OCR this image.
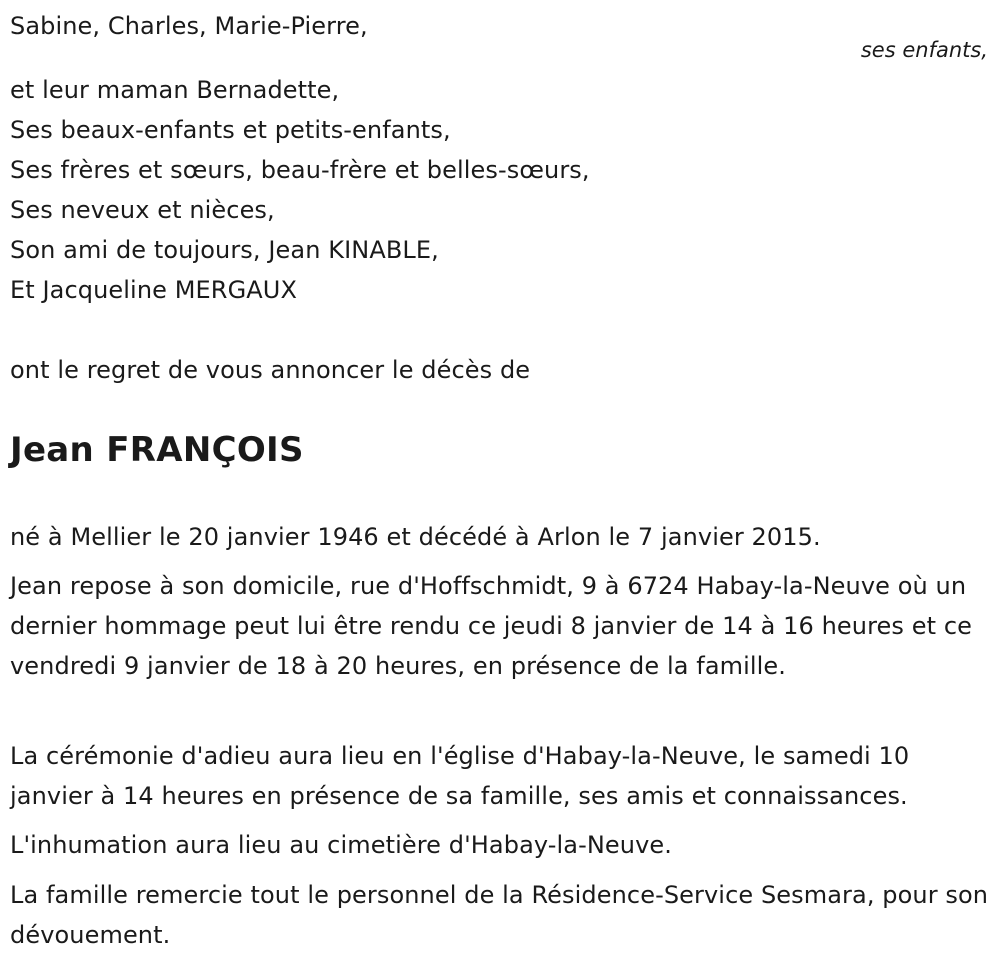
Sabine, Charles, Marie-Pierre,
ses enfants,
et leur maman Bernadette,
Ses beaux-enfants et petits-enfants,
Ses frères et sœurs, beau-frère et belles-sœurs,
Ses neveux et nièces,
Son ami de toujours, Jean KINABLE,
Et Jacqueline MERGAUX
ont le regret de vous annoncer le décès de
Jean FRANÇOIS
né à Mellier le 20 janvier 1946 et décédé à Arlon le 7 janvier 2015.
Jean repose à son domicile, rue d'Hoffschmidt, 9 à 6724 Habay-la-Neuve où un dernier hommage peut lui être rendu ce jeudi 8 janvier de 14 à 16 heures et ce vendredi 9 janvier de 18 à 20 heures, en présence de la famille.
La cérémonie d'adieu aura lieu en l'église d'Habay-la-Neuve, le samedi 10 janvier à 14 heures en présence de sa famille, ses amis et connaissances.
L'inhumation aura lieu au cimetière d'Habay-la-Neuve.
La famille remercie tout le personnel de la Résidence-Service Sesmara, pour son dévouement.
